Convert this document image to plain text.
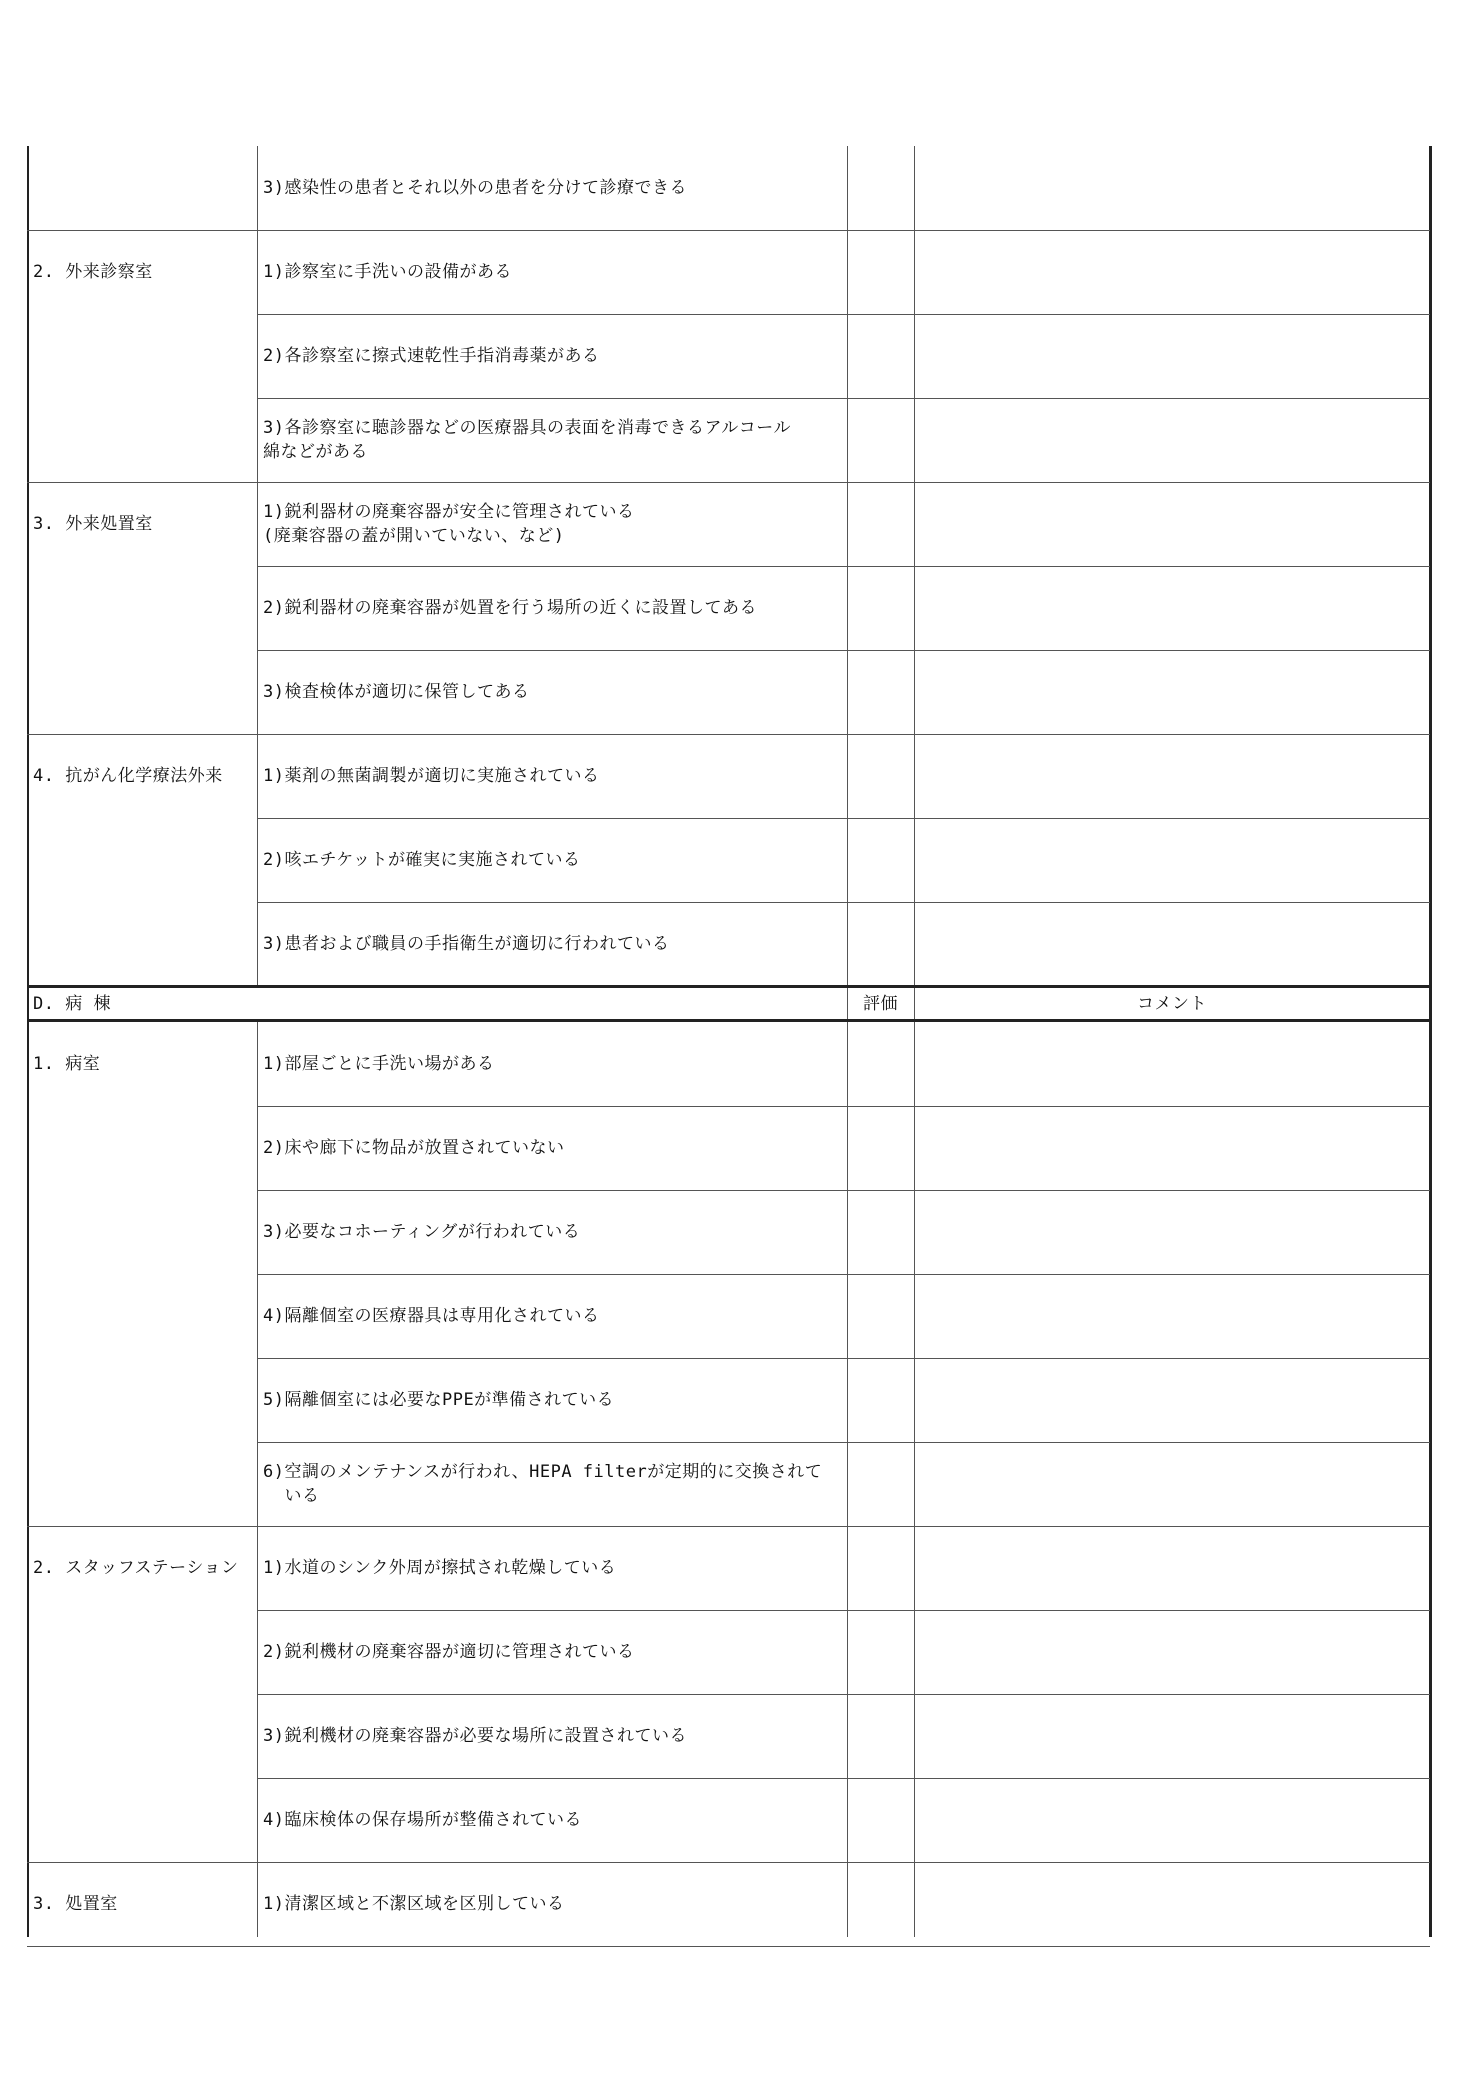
3)感染性の患者とそれ以外の患者を分けて診療できる
1)診察室に手洗いの設備がある
2)各診察室に擦式速乾性手指消毒薬がある
3)各診察室に聴診器などの医療器具の表面を消毒できるアルコール
綿などがある
2. 外来診察室
1)鋭利器材の廃棄容器が安全に管理されている
(廃棄容器の蓋が開いていない、など)
2)鋭利器材の廃棄容器が処置を行う場所の近くに設置してある
3)検査検体が適切に保管してある
3. 外来処置室
1)薬剤の無菌調製が適切に実施されている
2)咳エチケットが確実に実施されている
3)患者および職員の手指衛生が適切に行われている
4. 抗がん化学療法外来
D. 病 棟	評価	コメント
1)部屋ごとに手洗い場がある
2)床や廊下に物品が放置されていない
3)必要なコホーティングが行われている
4)隔離個室の医療器具は専用化されている
5)隔離個室には必要なPPEが準備されている
6)空調のメンテナンスが行われ、HEPA filterが定期的に交換されて
いる
1. 病室
1)水道のシンク外周が擦拭され乾燥している
2)鋭利機材の廃棄容器が適切に管理されている
3)鋭利機材の廃棄容器が必要な場所に設置されている
4)臨床検体の保存場所が整備されている
2. スタッフステーション
1)清潔区域と不潔区域を区別している
3. 処置室
